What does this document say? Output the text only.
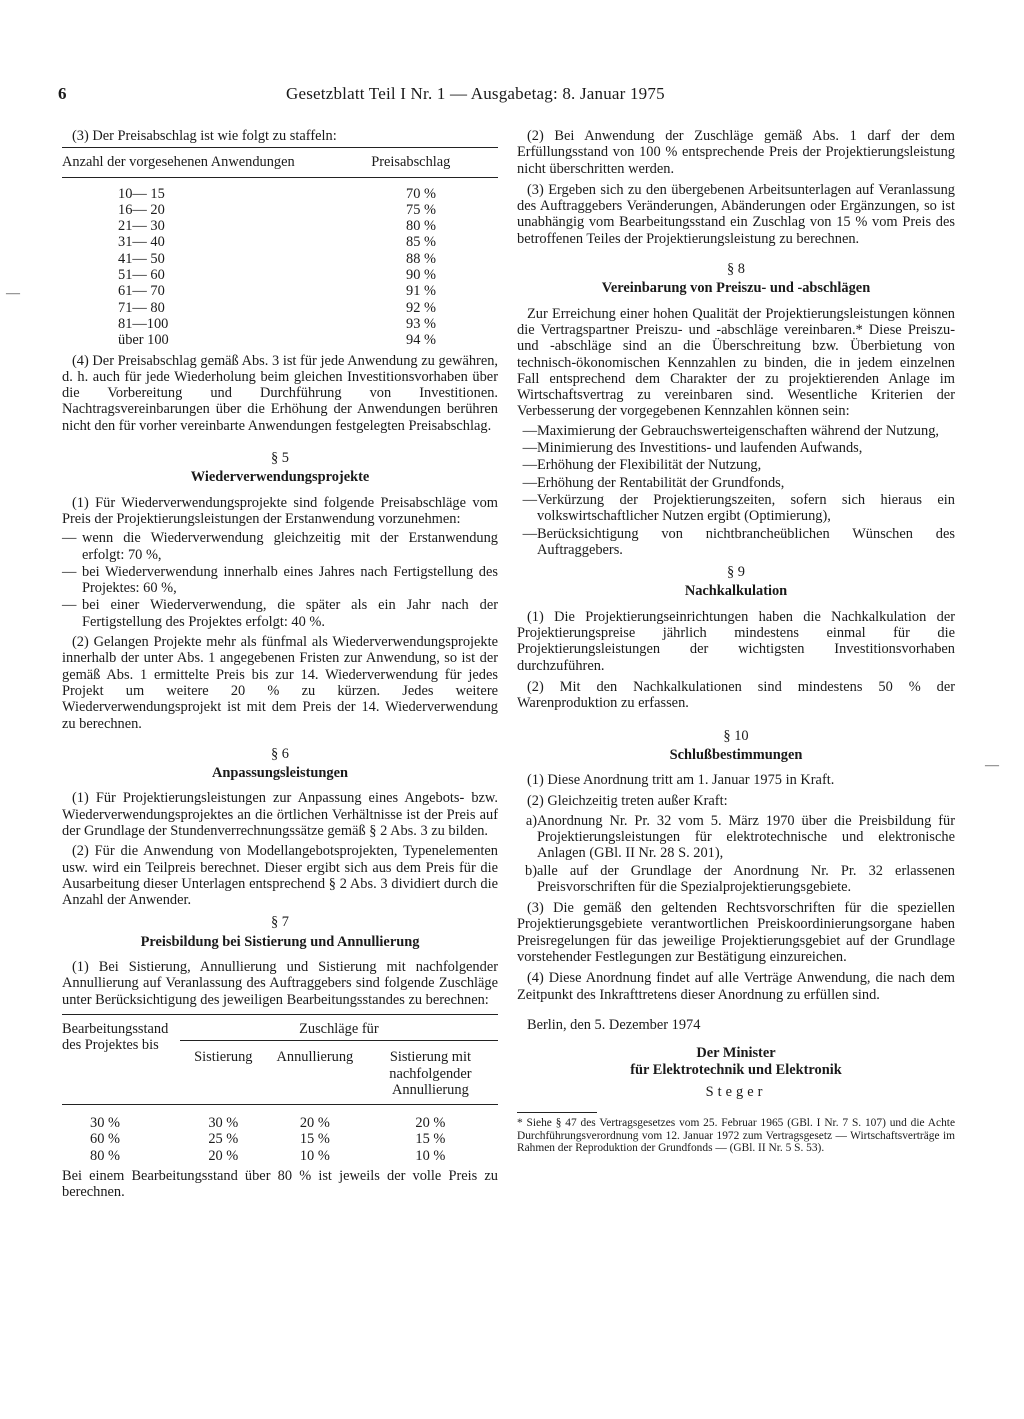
6	Gesetzblatt Teil I Nr. 1 — Ausgabetag: 8. Januar 1975

(3) Der Preisabschlag ist wie folgt zu staffeln:

Anzahl der vorgesehenen Anwendungen	Preisabschlag
10— 15	70 %
16— 20	75 %
21— 30	80 %
31— 40	85 %
41— 50	88 %
51— 60	90 %
61— 70	91 %
71— 80	92 %
81—100	93 %
über 100	94 %

(4) Der Preisabschlag gemäß Abs. 3 ist für jede Anwendung zu gewähren, d. h. auch für jede Wiederholung beim gleichen Investitionsvorhaben über die Vorbereitung und Durchführung von Investitionen. Nachtragsvereinbarungen über die Erhöhung der Anwendungen berühren nicht den für vorher vereinbarte Anwendungen festgelegten Preisabschlag.

§ 5
Wiederverwendungsprojekte

(1) Für Wiederverwendungsprojekte sind folgende Preisabschläge vom Preis der Projektierungsleistungen der Erstanwendung vorzunehmen:

— wenn die Wiederverwendung gleichzeitig mit der Erstanwendung erfolgt: 70 %,
— bei Wiederverwendung innerhalb eines Jahres nach Fertigstellung des Projektes: 60 %,
— bei einer Wiederverwendung, die später als ein Jahr nach der Fertigstellung des Projektes erfolgt: 40 %.

(2) Gelangen Projekte mehr als fünfmal als Wiederverwendungsprojekte innerhalb der unter Abs. 1 angegebenen Fristen zur Anwendung, so ist der gemäß Abs. 1 ermittelte Preis bis zur 14. Wiederverwendung für jedes Projekt um weitere 20 % zu kürzen. Jedes weitere Wiederverwendungsprojekt ist mit dem Preis der 14. Wiederverwendung zu berechnen.

§ 6
Anpassungsleistungen

(1) Für Projektierungsleistungen zur Anpassung eines Angebots- bzw. Wiederverwendungsprojektes an die örtlichen Verhältnisse ist der Preis auf der Grundlage der Stundenverrechnungssätze gemäß § 2 Abs. 3 zu bilden.

(2) Für die Anwendung von Modellangebotsprojekten, Typenelementen usw. wird ein Teilpreis berechnet. Dieser ergibt sich aus dem Preis für die Ausarbeitung dieser Unterlagen entsprechend § 2 Abs. 3 dividiert durch die Anzahl der Anwender.

§ 7
Preisbildung bei Sistierung und Annullierung

(1) Bei Sistierung, Annullierung und Sistierung mit nachfolgender Annullierung auf Veranlassung des Auftraggebers sind folgende Zuschläge unter Berücksichtigung des jeweiligen Bearbeitungsstandes zu berechnen:

Bearbeitungsstand des Projektes bis	Zuschläge für		
	Sistierung	Annullierung	Sistierung mit nachfolgender Annullierung
30 %	30 %	20 %	20 %
60 %	25 %	15 %	15 %
80 %	20 %	10 %	10 %

Bei einem Bearbeitungsstand über 80 % ist jeweils der volle Preis zu berechnen.

(2) Bei Anwendung der Zuschläge gemäß Abs. 1 darf der dem Erfüllungsstand von 100 % entsprechende Preis der Projektierungsleistung nicht überschritten werden.

(3) Ergeben sich zu den übergebenen Arbeitsunterlagen auf Veranlassung des Auftraggebers Veränderungen, Abänderungen oder Ergänzungen, so ist unabhängig vom Bearbeitungsstand ein Zuschlag von 15 % vom Preis des betroffenen Teiles der Projektierungsleistung zu berechnen.

§ 8
Vereinbarung von Preiszu- und -abschlägen

Zur Erreichung einer hohen Qualität der Projektierungsleistungen können die Vertragspartner Preiszu- und -abschläge vereinbaren.* Diese Preiszu- und -abschläge sind an die Überschreitung bzw. Überbietung von technisch-ökonomischen Kennzahlen zu binden, die in jedem einzelnen Fall entsprechend dem Charakter der zu projektierenden Anlage im Wirtschaftsvertrag zu vereinbaren sind. Wesentliche Kriterien der Verbesserung der vorgegebenen Kennzahlen können sein:

— Maximierung der Gebrauchswerteigenschaften während der Nutzung,
— Minimierung des Investitions- und laufenden Aufwands,
— Erhöhung der Flexibilität der Nutzung,
— Erhöhung der Rentabilität der Grundfonds,
— Verkürzung der Projektierungszeiten, sofern sich hieraus ein volkswirtschaftlicher Nutzen ergibt (Optimierung),
— Berücksichtigung von nichtbrancheüblichen Wünschen des Auftraggebers.
§ 9
Nachkalkulation

(1) Die Projektierungseinrichtungen haben die Nachkalkulation der Projektierungspreise jährlich mindestens einmal für die Projektierungsleistungen der wichtigsten Investitionsvorhaben durchzuführen.

(2) Mit den Nachkalkulationen sind mindestens 50 % der Warenproduktion zu erfassen.

§ 10
Schlußbestimmungen

(1) Diese Anordnung tritt am 1. Januar 1975 in Kraft.

(2) Gleichzeitig treten außer Kraft:

a) Anordnung Nr. Pr. 32 vom 5. März 1970 über die Preisbildung für Projektierungsleistungen für elektrotechnische und elektronische Anlagen (GBl. II Nr. 28 S. 201),
b) alle auf der Grundlage der Anordnung Nr. Pr. 32 erlassenen Preisvorschriften für die Spezialprojektierungsgebiete.

(3) Die gemäß den geltenden Rechtsvorschriften für die speziellen Projektierungsgebiete verantwortlichen Preiskoordinierungsorgane haben Preisregelungen für das jeweilige Projektierungsgebiet auf der Grundlage vorstehender Festlegungen zur Bestätigung einzureichen.

(4) Diese Anordnung findet auf alle Verträge Anwendung, die nach dem Zeitpunkt des Inkrafttretens dieser Anordnung zu erfüllen sind.

Berlin, den 5. Dezember 1974

Der Minister
für Elektrotechnik und Elektronik
Steger
* Siehe § 47 des Vertragsgesetzes vom 25. Februar 1965 (GBl. I Nr. 7 S. 107) und die Achte Durchführungsverordnung vom 12. Januar 1972 zum Vertragsgesetz — Wirtschaftsverträge im Rahmen der Reproduktion der Grundfonds — (GBl. II Nr. 5 S. 53).
—
—
